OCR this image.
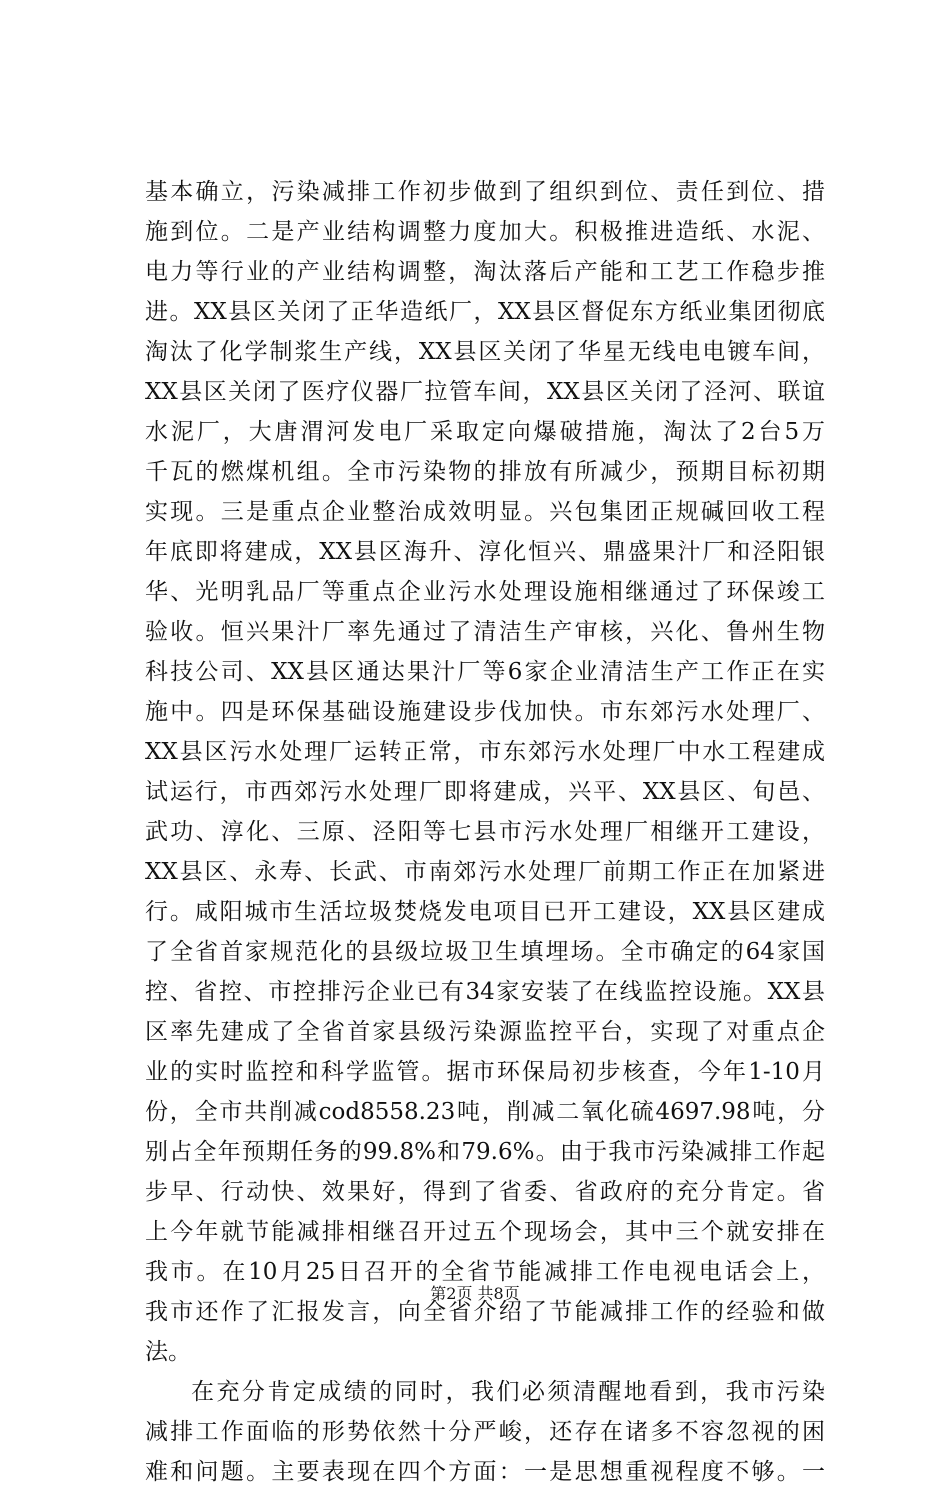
基本确立，污染减排工作初步做到了组织到位、责任到位、措
施到位。二是产业结构调整力度加大。积极推进造纸、水泥、
电力等行业的产业结构调整，淘汰落后产能和工艺工作稳步推
进。XX县区关闭了正华造纸厂，XX县区督促东方纸业集团彻底
淘汰了化学制浆生产线，XX县区关闭了华星无线电电镀车间，
XX县区关闭了医疗仪器厂拉管车间，XX县区关闭了泾河、联谊
水泥厂，大唐渭河发电厂采取定向爆破措施，淘汰了2台5万
千瓦的燃煤机组。全市污染物的排放有所减少，预期目标初期
实现。三是重点企业整治成效明显。兴包集团正规碱回收工程
年底即将建成，XX县区海升、淳化恒兴、鼎盛果汁厂和泾阳银
华、光明乳品厂等重点企业污水处理设施相继通过了环保竣工
验收。恒兴果汁厂率先通过了清洁生产审核，兴化、鲁州生物
科技公司、XX县区通达果汁厂等6家企业清洁生产工作正在实
施中。四是环保基础设施建设步伐加快。市东郊污水处理厂、
XX县区污水处理厂运转正常，市东郊污水处理厂中水工程建成
试运行，市西郊污水处理厂即将建成，兴平、XX县区、旬邑、
武功、淳化、三原、泾阳等七县市污水处理厂相继开工建设，
XX县区、永寿、长武、市南郊污水处理厂前期工作正在加紧进
行。咸阳城市生活垃圾焚烧发电项目已开工建设，XX县区建成
了全省首家规范化的县级垃圾卫生填埋场。全市确定的64家国
控、省控、市控排污企业已有34家安装了在线监控设施。XX县
区率先建成了全省首家县级污染源监控平台，实现了对重点企
业的实时监控和科学监管。据市环保局初步核查，今年1-10月
份，全市共削减cod8558.23吨，削减二氧化硫4697.98吨，分
别占全年预期任务的99.8%和79.6%。由于我市污染减排工作起
步早、行动快、效果好，得到了省委、省政府的充分肯定。省
上今年就节能减排相继召开过五个现场会，其中三个就安排在
我市。在10月25日召开的全省节能减排工作电视电话会上，
我市还作了汇报发言，向全省介绍了节能减排工作的经验和做
法。
在充分肯定成绩的同时，我们必须清醒地看到，我市污染
减排工作面临的形势依然十分严峻，还存在诸多不容忽视的困
难和问题。主要表现在四个方面：一是思想重视程度不够。一
第2页 共8页
